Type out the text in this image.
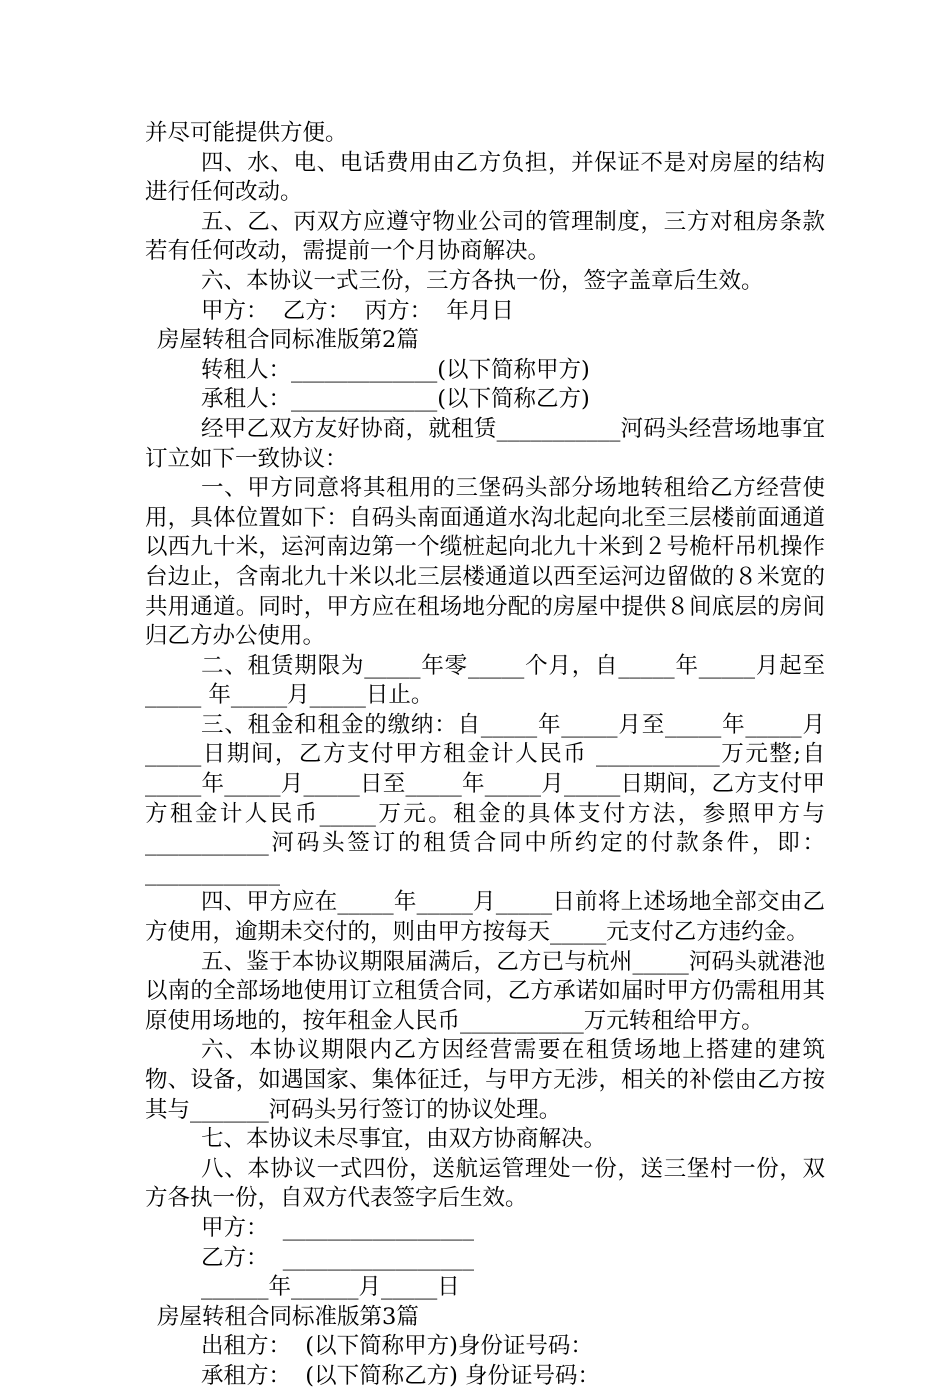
并尽可能提供方便。

四、水、电、电话费用由乙方负担，并保证不是对房屋的结构进行任何改动。

五、乙、丙双方应遵守物业公司的管理制度，三方对租房条款若有任何改动，需提前一个月协商解决。

六、本协议一式三份，三方各执一份，签字盖章后生效。

甲方：  乙方：  丙方：  年月日

房屋转租合同标准版第2篇

转租人：_____________(以下简称甲方)

承租人：_____________(以下简称乙方)

经甲乙双方友好协商，就租赁___________河码头经营场地事宜订立如下一致协议：

一、甲方同意将其租用的三堡码头部分场地转租给乙方经营使用，具体位置如下：自码头南面通道水沟北起向北至三层楼前面通道以西九十米，运河南边第一个缆桩起向北九十米到２号桅杆吊机操作台边止，含南北九十米以北三层楼通道以西至运河边留做的８米宽的共用通道。同时，甲方应在租场地分配的房屋中提供８间底层的房间归乙方办公使用。

二、租赁期限为_____年零_____个月，自_____年_____月起至_____ 年_____月_____日止。

三、租金和租金的缴纳：自_____年_____月至_____年_____月_____日期间，乙方支付甲方租金计人民币 ___________万元整;自_____年_____月_____日至_____年_____月_____日期间，乙方支付甲方租金计人民币_____万元。租金的具体支付方法，参照甲方与___________河码头签订的租赁合同中所约定的付款条件，即： ____________

四、甲方应在_____年_____月_____日前将上述场地全部交由乙方使用，逾期未交付的，则由甲方按每天_____元支付乙方违约金。

五、鉴于本协议期限届满后，乙方已与杭州_____河码头就港池以南的全部场地使用订立租赁合同，乙方承诺如届时甲方仍需租用其原使用场地的，按年租金人民币___________万元转租给甲方。

六、本协议期限内乙方因经营需要在租赁场地上搭建的建筑物、设备，如遇国家、集体征迁，与甲方无涉，相关的补偿由乙方按其与_______河码头另行签订的协议处理。

七、本协议未尽事宜，由双方协商解决。

八、本协议一式四份，送航运管理处一份，送三堡村一份，双方各执一份，自双方代表签字后生效。

甲方：  _________________

乙方：  _________________

______年______月_____日

房屋转租合同标准版第3篇

出租方：  (以下简称甲方)身份证号码：

承租方：  (以下简称乙方) 身份证号码：
